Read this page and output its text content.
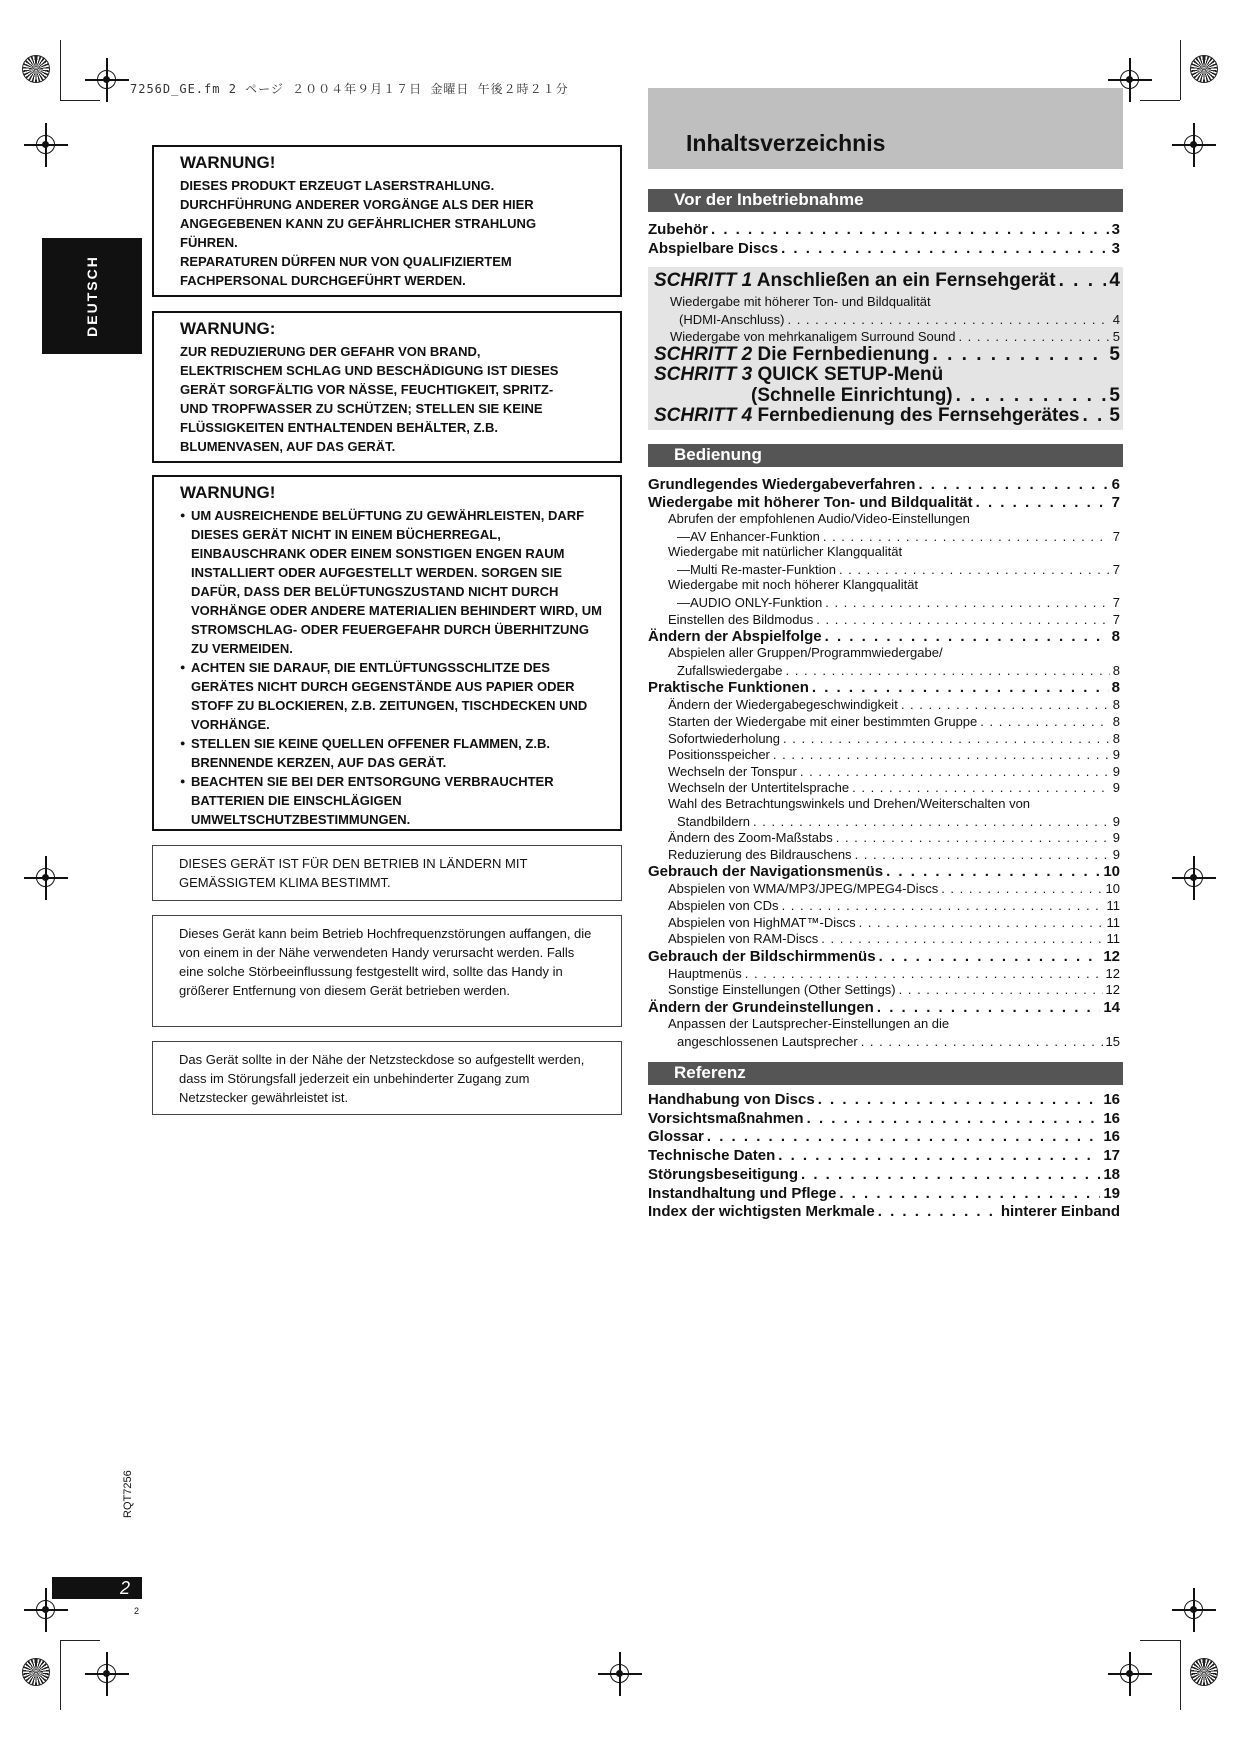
7256D_GE.fm 2 ページ ２００４年９月１７日 金曜日 午後２時２１分
DEUTSCH
WARNUNG!

DIESES PRODUKT ERZEUGT LASERSTRAHLUNG.

DURCHFÜHRUNG ANDERER VORGÄNGE ALS DER HIER

ANGEGEBENEN KANN ZU GEFÄHRLICHER STRAHLUNG

FÜHREN.

REPARATUREN DÜRFEN NUR VON QUALIFIZIERTEM

FACHPERSONAL DURCHGEFÜHRT WERDEN.

WARNUNG:

ZUR REDUZIERUNG DER GEFAHR VON BRAND,

ELEKTRISCHEM SCHLAG UND BESCHÄDIGUNG IST DIESES

GERÄT SORGFÄLTIG VOR NÄSSE, FEUCHTIGKEIT, SPRITZ-

UND TROPFWASSER ZU SCHÜTZEN; STELLEN SIE KEINE

FLÜSSIGKEITEN ENTHALTENDEN BEHÄLTER, Z.B.

BLUMENVASEN, AUF DAS GERÄT.

WARNUNG!
● UM AUSREICHENDE BELÜFTUNG ZU GEWÄHRLEISTEN, DARF DIESES GERÄT NICHT IN EINEM BÜCHERREGAL, EINBAUSCHRANK ODER EINEM SONSTIGEN ENGEN RAUM INSTALLIERT ODER AUFGESTELLT WERDEN. SORGEN SIE DAFÜR, DASS DER BELÜFTUNGSZUSTAND NICHT DURCH VORHÄNGE ODER ANDERE MATERIALIEN BEHINDERT WIRD, UM STROMSCHLAG- ODER FEUERGEFAHR DURCH ÜBERHITZUNG ZU VERMEIDEN.
● ACHTEN SIE DARAUF, DIE ENTLÜFTUNGSSCHLITZE DES GERÄTES NICHT DURCH GEGENSTÄNDE AUS PAPIER ODER STOFF ZU BLOCKIEREN, Z.B. ZEITUNGEN, TISCHDECKEN UND VORHÄNGE.
● STELLEN SIE KEINE QUELLEN OFFENER FLAMMEN, Z.B. BRENNENDE KERZEN, AUF DAS GERÄT.
● BEACHTEN SIE BEI DER ENTSORGUNG VERBRAUCHTER BATTERIEN DIE EINSCHLÄGIGEN UMWELTSCHUTZBESTIMMUNGEN.
DIESES GERÄT IST FÜR DEN BETRIEB IN LÄNDERN MIT GEMÄSSIGTEM KLIMA BESTIMMT.
Dieses Gerät kann beim Betrieb Hochfrequenzstörungen auffangen, die von einem in der Nähe verwendeten Handy verursacht werden. Falls eine solche Störbeeinflussung festgestellt wird, sollte das Handy in größerer Entfernung von diesem Gerät betrieben werden.
Das Gerät sollte in der Nähe der Netzsteckdose so aufgestellt werden, dass im Störungsfall jederzeit ein unbehinderter Zugang zum Netzstecker gewährleistet ist.
Inhaltsverzeichnis
Vor der Inbetriebnahme
Zubehör . . .	3
Abspielbare Discs . . .	3
SCHRITT 1 Anschließen an ein Fernsehgerät . . .	4
Wiedergabe mit höherer Ton- und Bildqualität
(HDMI-Anschluss) . . .	4
Wiedergabe von mehrkanaligem Surround Sound . . .	5
SCHRITT 2 Die Fernbedienung . . .	5
SCHRITT 3 QUICK SETUP-Menü
(Schnelle Einrichtung) . . .	5
SCHRITT 4 Fernbedienung des Fernsehgerätes . . . 5
Bedienung
Grundlegendes Wiedergabeverfahren . . .	6
Wiedergabe mit höherer Ton- und Bildqualität . . .	7
Abrufen der empfohlenen Audio/Video-Einstellungen
—AV Enhancer-Funktion . . .	7
Wiedergabe mit natürlicher Klangqualität
—Multi Re-master-Funktion . . .	7
Wiedergabe mit noch höherer Klangqualität
—AUDIO ONLY-Funktion . . .	7
Einstellen des Bildmodus . . .	7
Ändern der Abspielfolge . . .	8
Abspielen aller Gruppen/Programmwiedergabe/
Zufallswiedergabe . . .	8
Praktische Funktionen . . .	8
Ändern der Wiedergabegeschwindigkeit . . .	8
Starten der Wiedergabe mit einer bestimmten Gruppe . . .	8
Sofortwiederholung . . .	8
Positionsspeicher . . .	9
Wechseln der Tonspur . . .	9
Wechseln der Untertitelsprache . . .	9
Wahl des Betrachtungswinkels und Drehen/Weiterschalten von
Standbildern . . .	9
Ändern des Zoom-Maßstabs . . .	9
Reduzierung des Bildrauschens . . .	9
Gebrauch der Navigationsmenüs . . .	10
Abspielen von WMA/MP3/JPEG/MPEG4-Discs . . .	10
Abspielen von CDs . . .	11
Abspielen von HighMAT™-Discs . . .	11
Abspielen von RAM-Discs . . .	11
Gebrauch der Bildschirmmenüs . . .	12
Hauptmenüs . . .	12
Sonstige Einstellungen (Other Settings) . . .	12
Ändern der Grundeinstellungen . . .	14
Anpassen der Lautsprecher-Einstellungen an die
angeschlossenen Lautsprecher . . .	15
Referenz
Handhabung von Discs . . .	16
Vorsichtsmaßnahmen . . .	16
Glossar . . .	16
Technische Daten . . .	17
Störungsbeseitigung . . .	18
Instandhaltung und Pflege . . .	19
Index der wichtigsten Merkmale . . .	hinterer Einband
RQT7256
2
2
